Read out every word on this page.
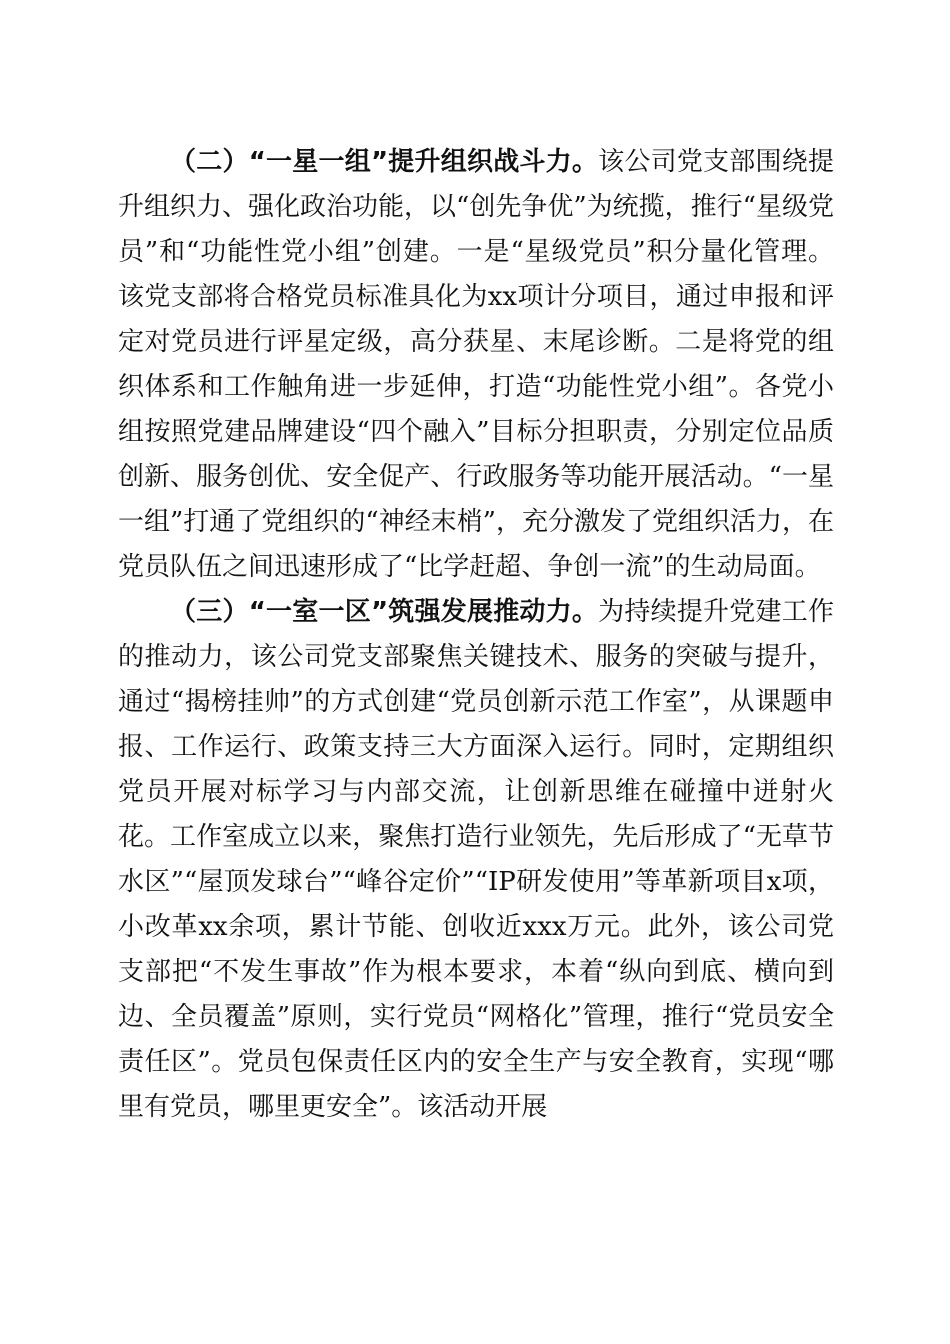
（二）“一星一组”提升组织战斗力。该公司党支部围绕提升组织力、强化政治功能，以“创先争优”为统揽，推行“星级党员”和“功能性党小组”创建。一是“星级党员”积分量化管理。该党支部将合格党员标准具化为xx项计分项目，通过申报和评定对党员进行评星定级，高分获星、末尾诊断。二是将党的组织体系和工作触角进一步延伸，打造“功能性党小组”。各党小组按照党建品牌建设“四个融入”目标分担职责，分别定位品质创新、服务创优、安全促产、行政服务等功能开展活动。“一星一组”打通了党组织的“神经末梢”，充分激发了党组织活力，在党员队伍之间迅速形成了“比学赶超、争创一流”的生动局面。

（三）“一室一区”筑强发展推动力。为持续提升党建工作的推动力，该公司党支部聚焦关键技术、服务的突破与提升，通过“揭榜挂帅”的方式创建“党员创新示范工作室”，从课题申报、工作运行、政策支持三大方面深入运行。同时，定期组织党员开展对标学习与内部交流，让创新思维在碰撞中迸射火花。工作室成立以来，聚焦打造行业领先，先后形成了“无草节水区”“屋顶发球台”“峰谷定价”“IP研发使用”等革新项目x项，小改革xx余项，累计节能、创收近xxx万元。此外，该公司党支部把“不发生事故”作为根本要求，本着“纵向到底、横向到边、全员覆盖”原则，实行党员“网格化”管理，推行“党员安全责任区”。党员包保责任区内的安全生产与安全教育，实现“哪里有党员，哪里更安全”。该活动开展
